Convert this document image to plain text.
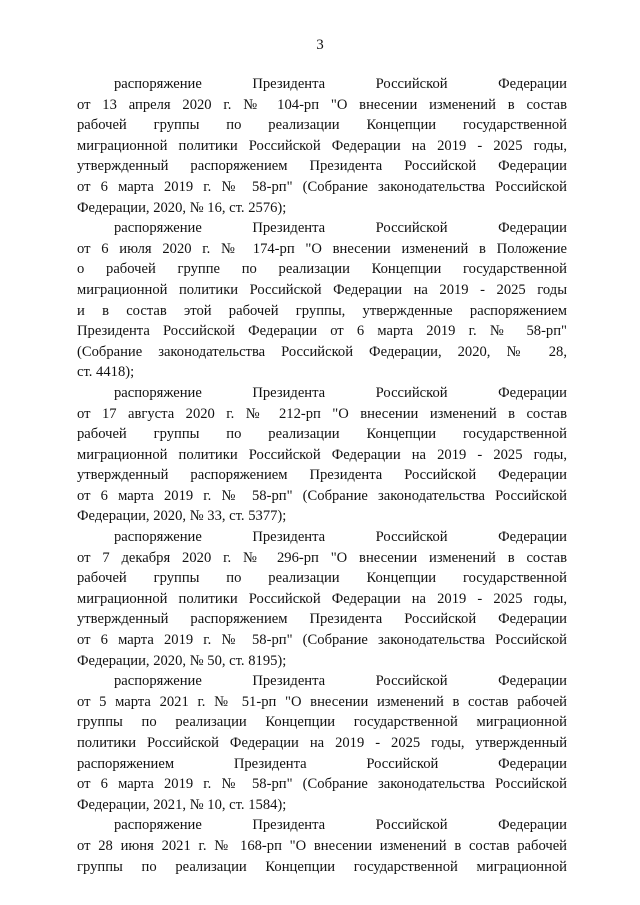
3
распоряжение Президента Российской Федерации
от 13 апреля 2020 г. № 104-рп "О внесении изменений в состав
рабочей группы по реализации Концепции государственной
миграционной политики Российской Федерации на 2019 - 2025 годы,
утвержденный распоряжением Президента Российской Федерации
от 6 марта 2019 г. № 58-рп" (Собрание законодательства Российской
Федерации, 2020, № 16, ст. 2576);
распоряжение Президента Российской Федерации
от 6 июля 2020 г. № 174-рп "О внесении изменений в Положение
о рабочей группе по реализации Концепции государственной
миграционной политики Российской Федерации на 2019 - 2025 годы
и в состав этой рабочей группы, утвержденные распоряжением
Президента Российской Федерации от 6 марта 2019 г. № 58-рп"
(Собрание законодательства Российской Федерации, 2020, № 28,
ст. 4418);
распоряжение Президента Российской Федерации
от 17 августа 2020 г. № 212-рп "О внесении изменений в состав
рабочей группы по реализации Концепции государственной
миграционной политики Российской Федерации на 2019 - 2025 годы,
утвержденный распоряжением Президента Российской Федерации
от 6 марта 2019 г. № 58-рп" (Собрание законодательства Российской
Федерации, 2020, № 33, ст. 5377);
распоряжение Президента Российской Федерации
от 7 декабря 2020 г. № 296-рп "О внесении изменений в состав
рабочей группы по реализации Концепции государственной
миграционной политики Российской Федерации на 2019 - 2025 годы,
утвержденный распоряжением Президента Российской Федерации
от 6 марта 2019 г. № 58-рп" (Собрание законодательства Российской
Федерации, 2020, № 50, ст. 8195);
распоряжение Президента Российской Федерации
от 5 марта 2021 г. № 51-рп "О внесении изменений в состав рабочей
группы по реализации Концепции государственной миграционной
политики Российской Федерации на 2019 - 2025 годы, утвержденный
распоряжением Президента Российской Федерации
от 6 марта 2019 г. № 58-рп" (Собрание законодательства Российской
Федерации, 2021, № 10, ст. 1584);
распоряжение Президента Российской Федерации
от 28 июня 2021 г. № 168-рп "О внесении изменений в состав рабочей
группы по реализации Концепции государственной миграционной
